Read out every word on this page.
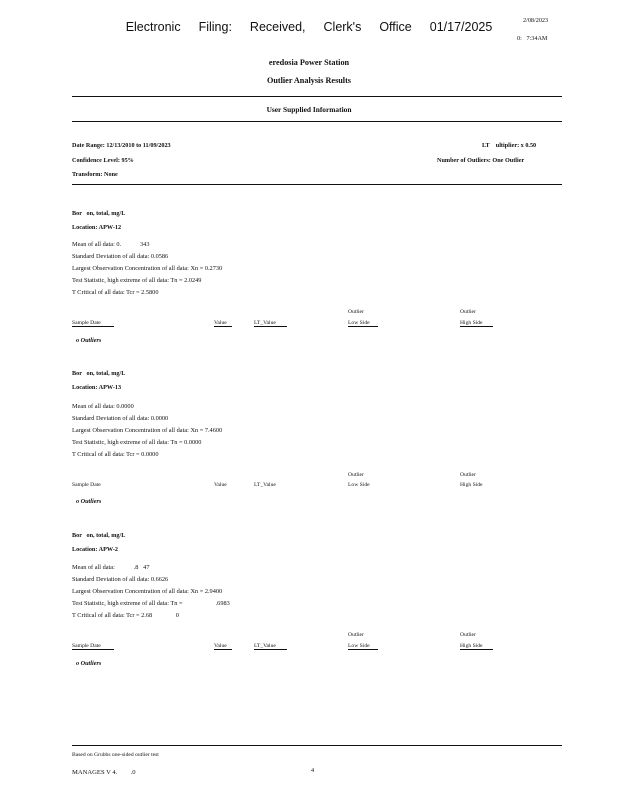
Electronic Filing: Received, Clerk's Office 01/17/2025	2/08/2023
0:   7:34AM
eredosia Power Station
Outlier Analysis Results
User Supplied Information
Date Range: 12/13/2010 to 11/09/2023
Confidence Level: 95%
Transform: None
LT    ultiplier: x 0.50
Number of Outliers: One Outlier
Bor   on, total, mg/L
Location: APW-12
Mean of all data: 0.            343
Standard Deviation of all data: 0.0586
Largest Observation Concentration of all data: Xn = 0.2730
Test Statistic, high extreme of all data: Tn = 2.0249
T Critical of all data: Tcr = 2.5800
Outlier	Outlier
Sample Date	Value	LT_Value	Low Side	High Side
o Outliers
Bor   on, total, mg/L
Location: APW-13
Mean of all data: 0.0000
Standard Deviation of all data: 0.0000
Largest Observation Concentration of all data: Xn = 7.4600
Test Statistic, high extreme of all data: Tn = 0.0000
T Critical of all data: Tcr = 0.0000
Outlier	Outlier
Sample Date	Value	LT_Value	Low Side	High Side
o Outliers
Bor   on, total, mg/L
Location: APW-2
Mean of all data:            .8   47
Standard Deviation of all data: 0.6626
Largest Observation Concentration of all data: Xn = 2.9400
Test Statistic, high extreme of all data: Tn =                     .6983
T Critical of all data: Tcr = 2.68               0
Outlier	Outlier
Sample Date	Value	LT_Value	Low Side	High Side
o Outliers
Based on Grubbs one-sided outlier test
MANAGES V 4.        .0	4
